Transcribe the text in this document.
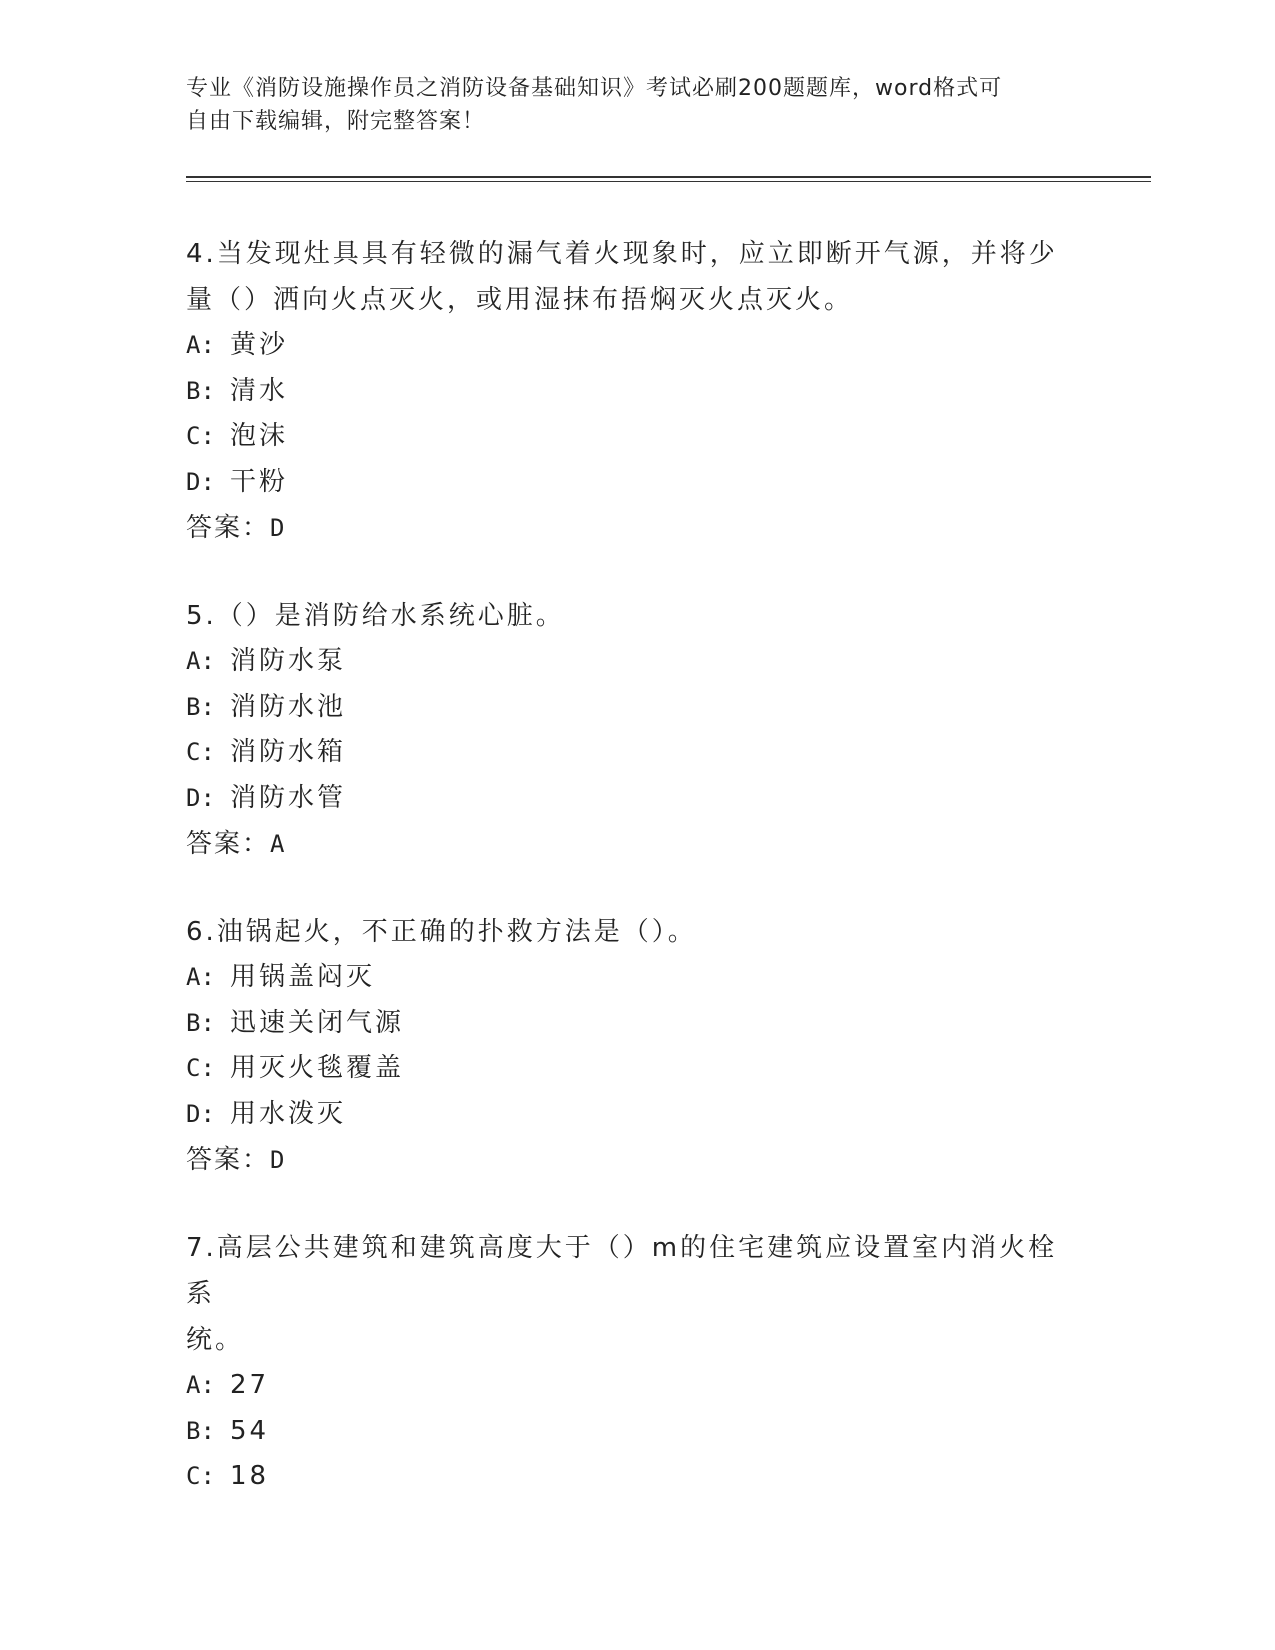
专业《消防设施操作员之消防设备基础知识》考试必刷200题题库，word格式可
自由下载编辑，附完整答案！
4.当发现灶具具有轻微的漏气着火现象时，应立即断开气源，并将少
量（）洒向火点灭火，或用湿抹布捂焖灭火点灭火。
A: 黄沙
B: 清水
C: 泡沫
D: 干粉
答案：D
5.（）是消防给水系统心脏。
A: 消防水泵
B: 消防水池
C: 消防水箱
D: 消防水管
答案：A
6.油锅起火，不正确的扑救方法是（）。
A: 用锅盖闷灭
B: 迅速关闭气源
C: 用灭火毯覆盖
D: 用水泼灭
答案：D
7.高层公共建筑和建筑高度大于（）m的住宅建筑应设置室内消火栓系
统。
A: 27
B: 54
C: 18
